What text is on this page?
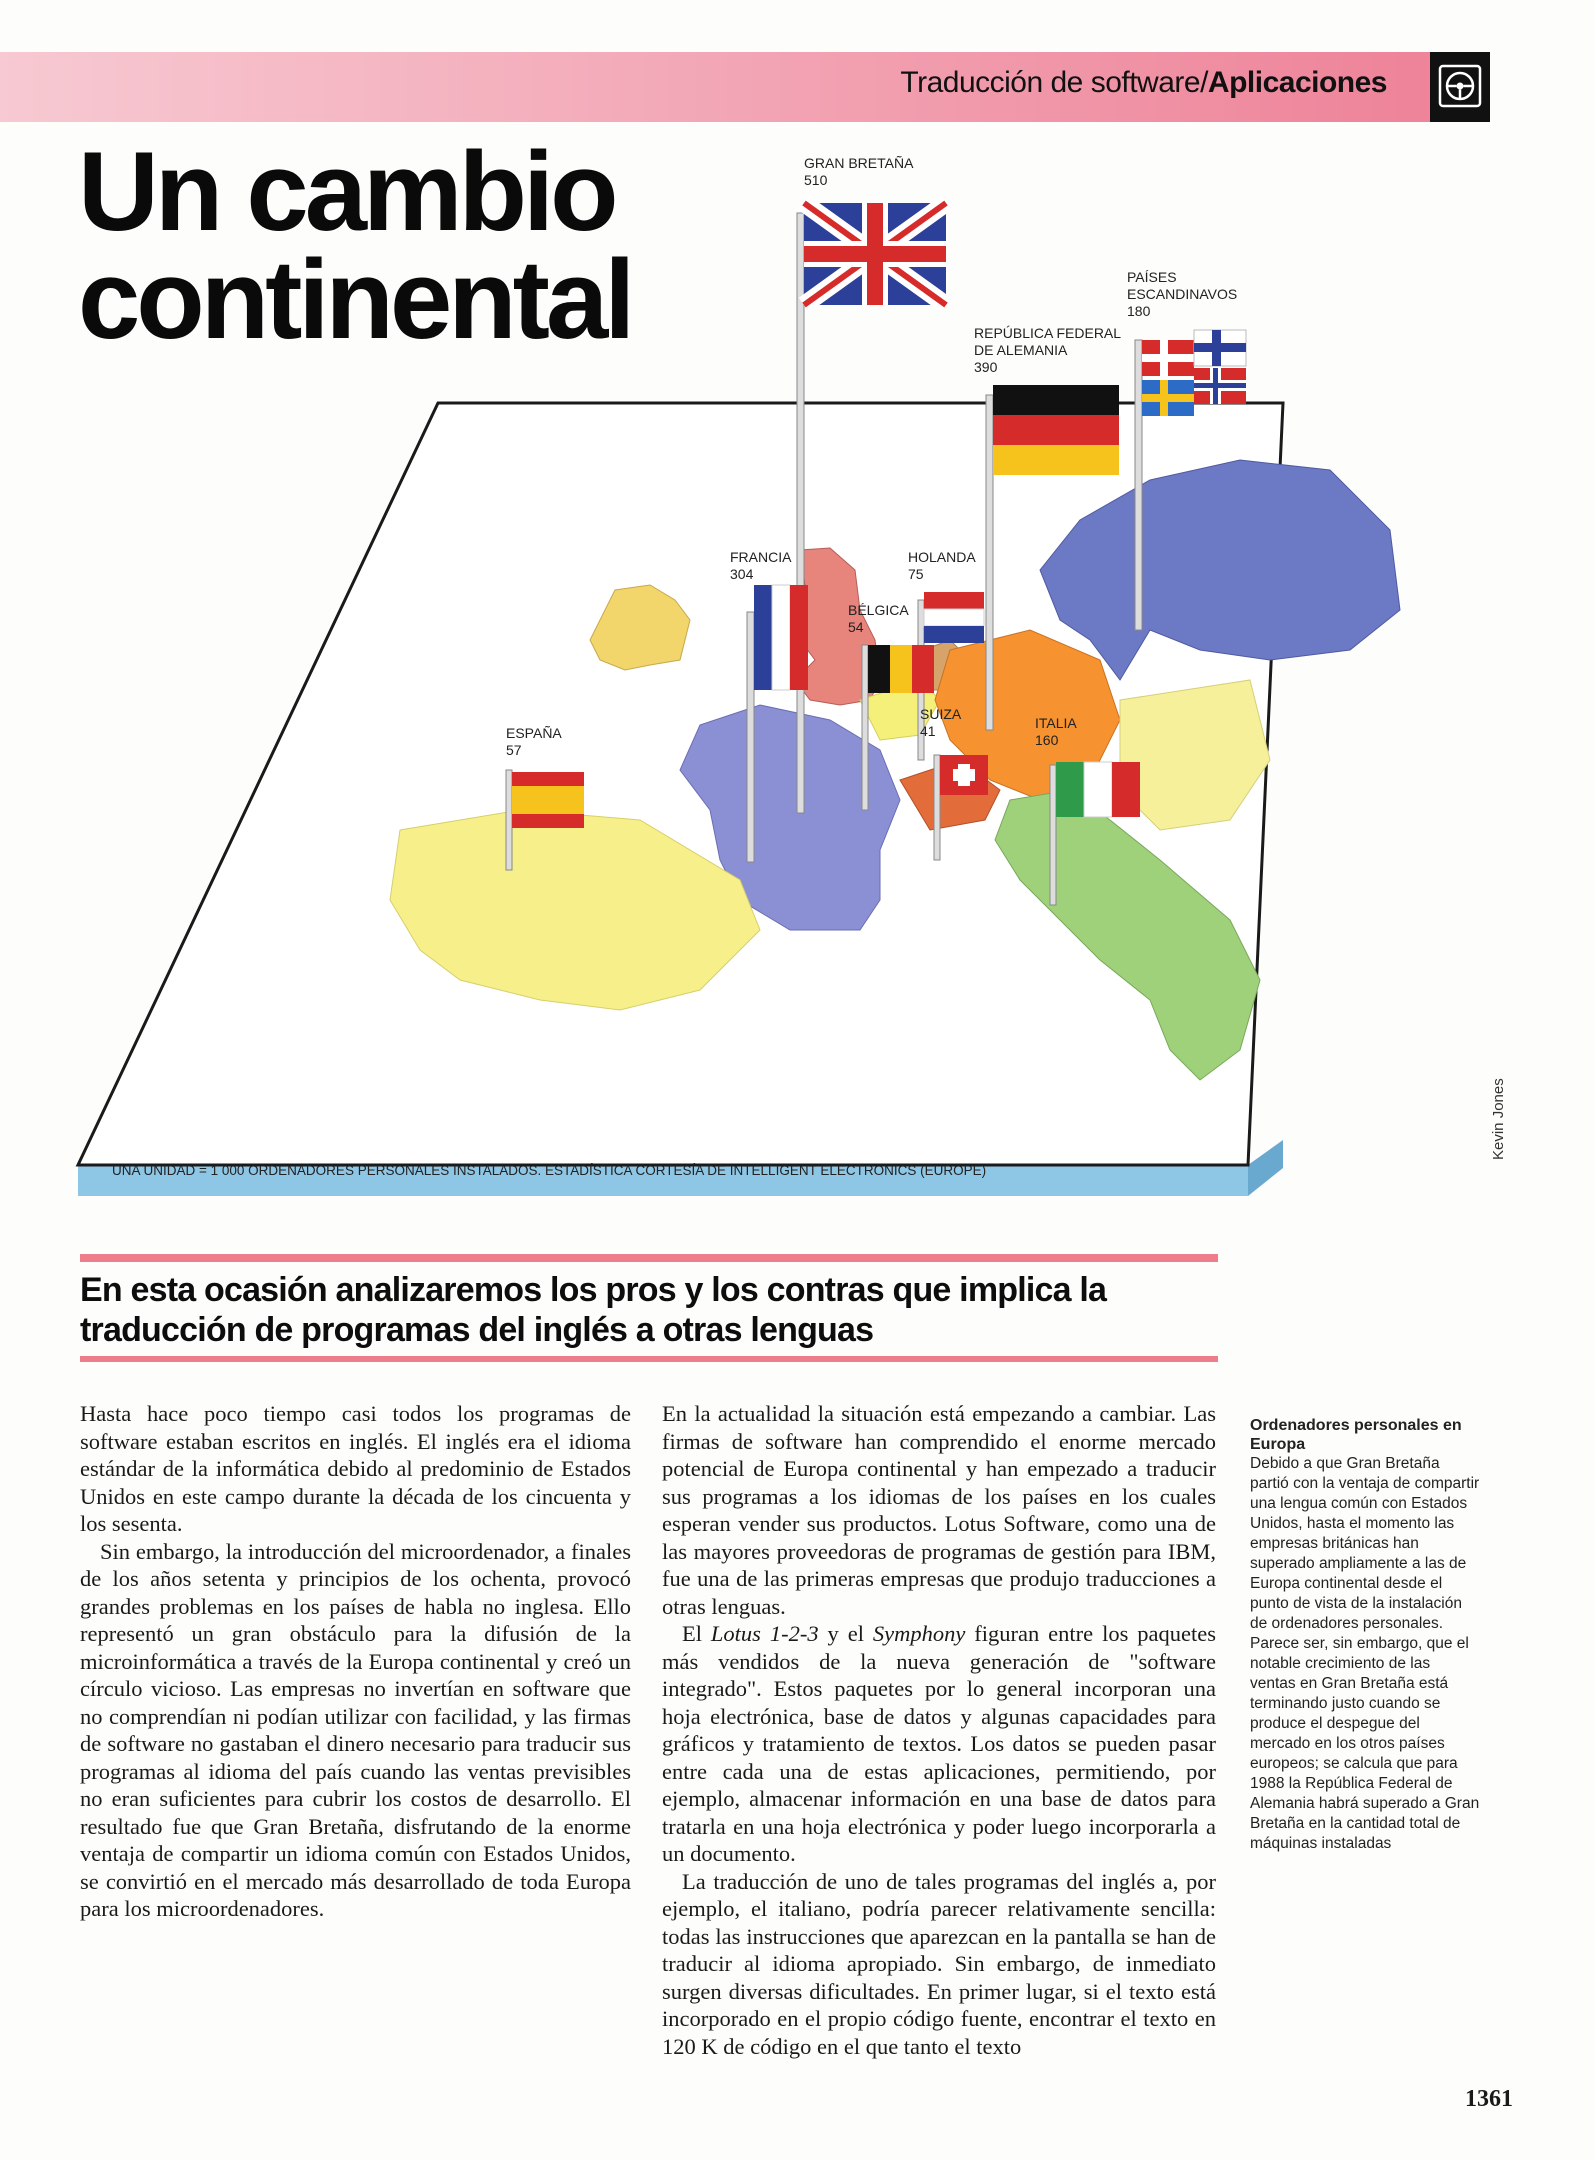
Traducción de software/Aplicaciones
Un cambio
continental
GRAN BRETAÑA
510
PAÍSES
ESCANDINAVOS
180
REPÚBLICA FEDERAL
DE ALEMANIA
390
FRANCIA
304
HOLANDA
75
BÉLGICA
54
SUIZA
41	ITALIA
160
ESPAÑA
57
UNA UNIDAD = 1 000 ORDENADORES PERSONALES INSTALADOS. ESTADÍSTICA CORTESÍA DE INTELLIGENT ELECTRONICS (EUROPE)
Kevin Jones
En esta ocasión analizaremos los pros y los contras que implica la traducción de programas del inglés a otras lenguas

Hasta hace poco tiempo casi todos los programas de software estaban escritos en inglés. El inglés era el idioma estándar de la informática debido al predominio de Estados Unidos en este campo durante la década de los cincuenta y los sesenta.

Sin embargo, la introducción del microordenador, a finales de los años setenta y principios de los ochenta, provocó grandes problemas en los países de habla no inglesa. Ello representó un gran obstáculo para la difusión de la microinformática a través de la Europa continental y creó un círculo vicioso. Las empresas no invertían en software que no comprendían ni podían utilizar con facilidad, y las firmas de software no gastaban el dinero necesario para traducir sus programas al idioma del país cuando las ventas previsibles no eran suficientes para cubrir los costos de desarrollo. El resultado fue que Gran Bretaña, disfrutando de la enorme ventaja de compartir un idioma común con Estados Unidos, se convirtió en el mercado más desarrollado de toda Europa para los microordenadores.

En la actualidad la situación está empezando a cambiar. Las firmas de software han comprendido el enorme mercado potencial de Europa continental y han empezado a traducir sus programas a los idiomas de los países en los cuales esperan vender sus productos. Lotus Software, como una de las mayores proveedoras de programas de gestión para IBM, fue una de las primeras empresas que produjo traducciones a otras lenguas.

El Lotus 1-2-3 y el Symphony figuran entre los paquetes más vendidos de la nueva generación de "software integrado". Estos paquetes por lo general incorporan una hoja electrónica, base de datos y algunas capacidades para gráficos y tratamiento de textos. Los datos se pueden pasar entre cada una de estas aplicaciones, permitiendo, por ejemplo, almacenar información en una base de datos para tratarla en una hoja electrónica y poder luego incorporarla a un documento.

La traducción de uno de tales programas del inglés a, por ejemplo, el italiano, podría parecer relativamente sencilla: todas las instrucciones que aparezcan en la pantalla se han de traducir al idioma apropiado. Sin embargo, de inmediato surgen diversas dificultades. En primer lugar, si el texto está incorporado en el propio código fuente, encontrar el texto en 120 K de código en el que tanto el texto

Ordenadores personales en Europa

Debido a que Gran Bretaña partió con la ventaja de compartir una lengua común con Estados Unidos, hasta el momento las empresas británicas han superado ampliamente a las de Europa continental desde el punto de vista de la instalación de ordenadores personales. Parece ser, sin embargo, que el notable crecimiento de las ventas en Gran Bretaña está terminando justo cuando se produce el despegue del mercado en los otros países europeos; se calcula que para 1988 la República Federal de Alemania habrá superado a Gran Bretaña en la cantidad total de máquinas instaladas

1361
